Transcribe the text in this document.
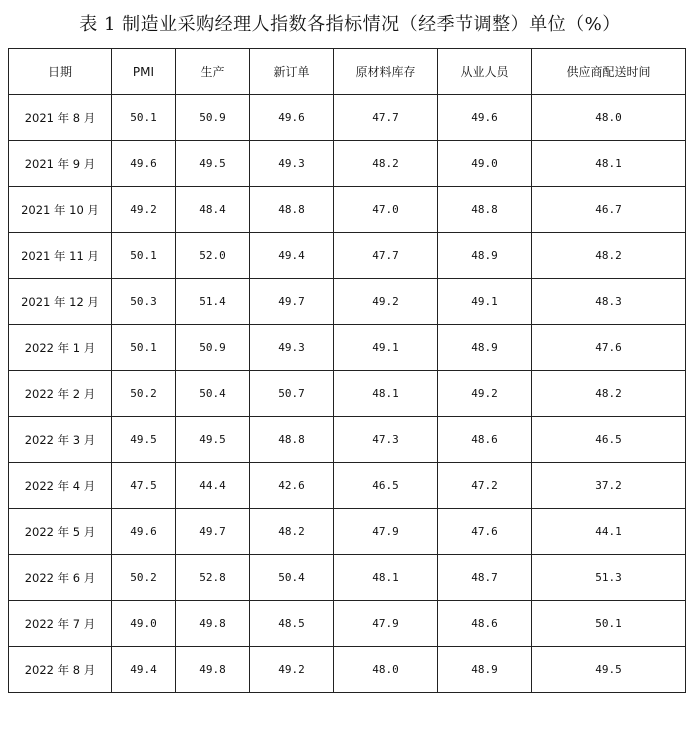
表 1 制造业采购经理人指数各指标情况（经季节调整）单位（%）
日期	PMI	生产	新订单	原材料库存	从业人员	供应商配送时间
2021 年 8 月	50.1	50.9	49.6	47.7	49.6	48.0
2021 年 9 月	49.6	49.5	49.3	48.2	49.0	48.1
2021 年 10 月	49.2	48.4	48.8	47.0	48.8	46.7
2021 年 11 月	50.1	52.0	49.4	47.7	48.9	48.2
2021 年 12 月	50.3	51.4	49.7	49.2	49.1	48.3
2022 年 1 月	50.1	50.9	49.3	49.1	48.9	47.6
2022 年 2 月	50.2	50.4	50.7	48.1	49.2	48.2
2022 年 3 月	49.5	49.5	48.8	47.3	48.6	46.5
2022 年 4 月	47.5	44.4	42.6	46.5	47.2	37.2
2022 年 5 月	49.6	49.7	48.2	47.9	47.6	44.1
2022 年 6 月	50.2	52.8	50.4	48.1	48.7	51.3
2022 年 7 月	49.0	49.8	48.5	47.9	48.6	50.1
2022 年 8 月	49.4	49.8	49.2	48.0	48.9	49.5
